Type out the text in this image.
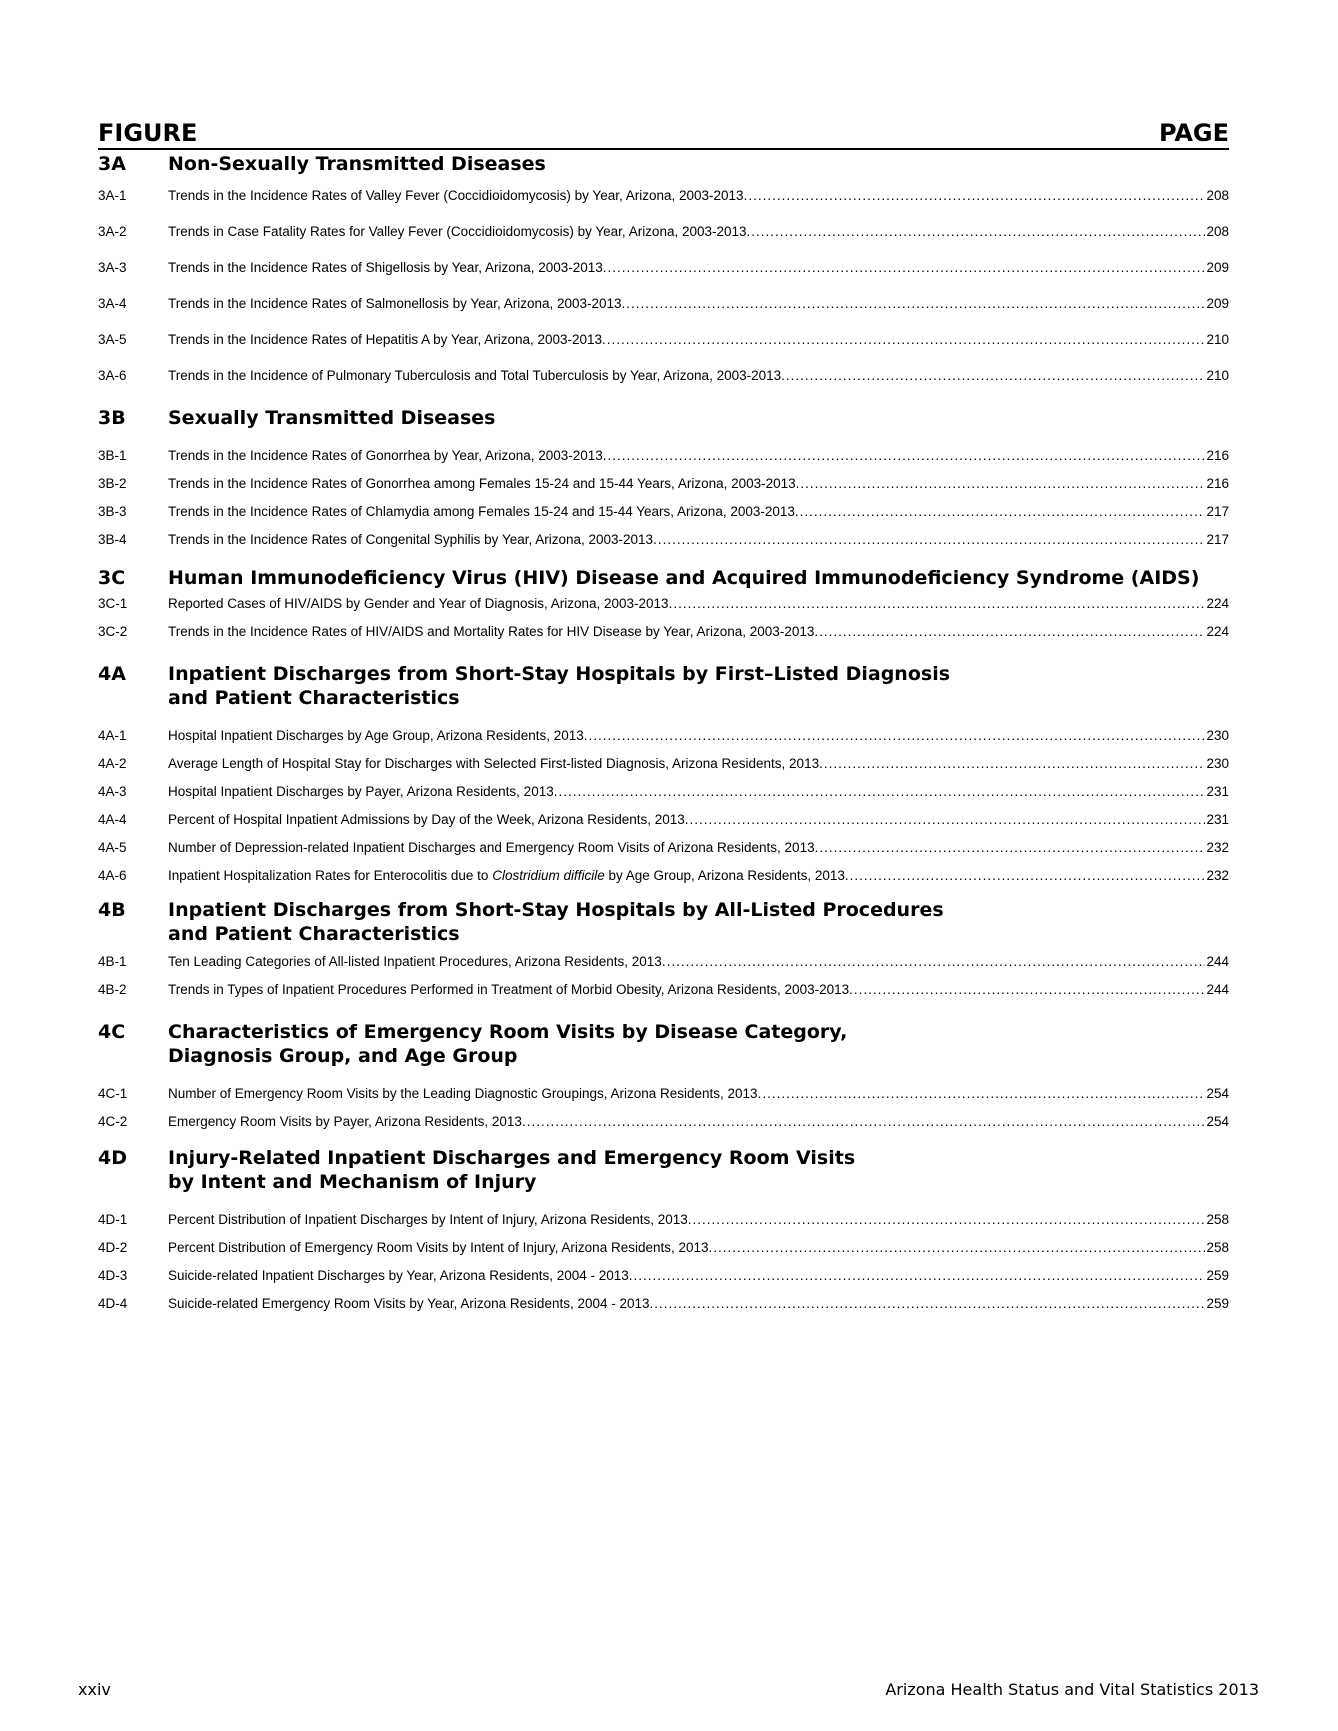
FIGURE	PAGE
3A	Non-Sexually Transmitted Diseases
3A-1	Trends in the Incidence Rates of Valley Fever (Coccidioidomycosis) by Year, Arizona, 2003-2013 .....	208
3A-2	Trends in Case Fatality Rates for Valley Fever (Coccidioidomycosis) by Year, Arizona, 2003-2013 .....	208
3A-3	Trends in the Incidence Rates of Shigellosis by Year, Arizona, 2003-2013 .....	209
3A-4	Trends in the Incidence Rates of Salmonellosis by Year, Arizona, 2003-2013 .....	209
3A-5	Trends in the Incidence Rates of Hepatitis A by Year, Arizona, 2003-2013 .....	210
3A-6	Trends in the Incidence of Pulmonary Tuberculosis and Total Tuberculosis by Year, Arizona, 2003-2013 .....	210
3B	Sexually Transmitted Diseases
3B-1	Trends in the Incidence Rates of Gonorrhea by Year, Arizona, 2003-2013 .....	216
3B-2	Trends in the Incidence Rates of Gonorrhea among Females 15-24 and 15-44 Years, Arizona, 2003-2013 .....	216
3B-3	Trends in the Incidence Rates of Chlamydia among Females 15-24 and 15-44 Years, Arizona, 2003-2013 .....	217
3B-4	Trends in the Incidence Rates of Congenital Syphilis by Year, Arizona, 2003-2013 .....	217
3C	Human Immunodeficiency Virus (HIV) Disease and Acquired Immunodeficiency Syndrome (AIDS)
3C-1	Reported Cases of HIV/AIDS by Gender and Year of Diagnosis, Arizona, 2003-2013 .....	224
3C-2	Trends in the Incidence Rates of HIV/AIDS and Mortality Rates for HIV Disease by Year, Arizona, 2003-2013 .....	224
4A	Inpatient Discharges from Short-Stay Hospitals by First–Listed Diagnosis
and Patient Characteristics
4A-1	Hospital Inpatient Discharges by Age Group, Arizona Residents, 2013 .....	230
4A-2	Average Length of Hospital Stay for Discharges with Selected First-listed Diagnosis, Arizona Residents, 2013 .....	230
4A-3	Hospital Inpatient Discharges by Payer, Arizona Residents, 2013 .....	231
4A-4	Percent of Hospital Inpatient Admissions by Day of the Week, Arizona Residents, 2013 .....	231
4A-5	Number of Depression-related Inpatient Discharges and Emergency Room Visits of Arizona Residents, 2013 .....	232
4A-6	Inpatient Hospitalization Rates for Enterocolitis due to Clostridium difficile by Age Group, Arizona Residents, 2013 .....	232
4B	Inpatient Discharges from Short-Stay Hospitals by All-Listed Procedures
and Patient Characteristics
4B-1	Ten Leading Categories of All-listed Inpatient Procedures, Arizona Residents, 2013 .....	244
4B-2	Trends in Types of Inpatient Procedures Performed in Treatment of Morbid Obesity, Arizona Residents, 2003-2013 .....	244
4C	Characteristics of Emergency Room Visits by Disease Category,
Diagnosis Group, and Age Group
4C-1	Number of Emergency Room Visits by the Leading Diagnostic Groupings, Arizona Residents, 2013 .....	254
4C-2	Emergency Room Visits by Payer, Arizona Residents, 2013 .....	254
4D	Injury-Related Inpatient Discharges and Emergency Room Visits
by Intent and Mechanism of Injury
4D-1	Percent Distribution of Inpatient Discharges by Intent of Injury, Arizona Residents, 2013 .....	258
4D-2	Percent Distribution of Emergency Room Visits by Intent of Injury, Arizona Residents, 2013 .....	258
4D-3	Suicide-related Inpatient Discharges by Year, Arizona Residents, 2004 - 2013 .....	259
4D-4	Suicide-related Emergency Room Visits by Year, Arizona Residents, 2004 - 2013 .....	259
xxiv	Arizona Health Status and Vital Statistics 2013
